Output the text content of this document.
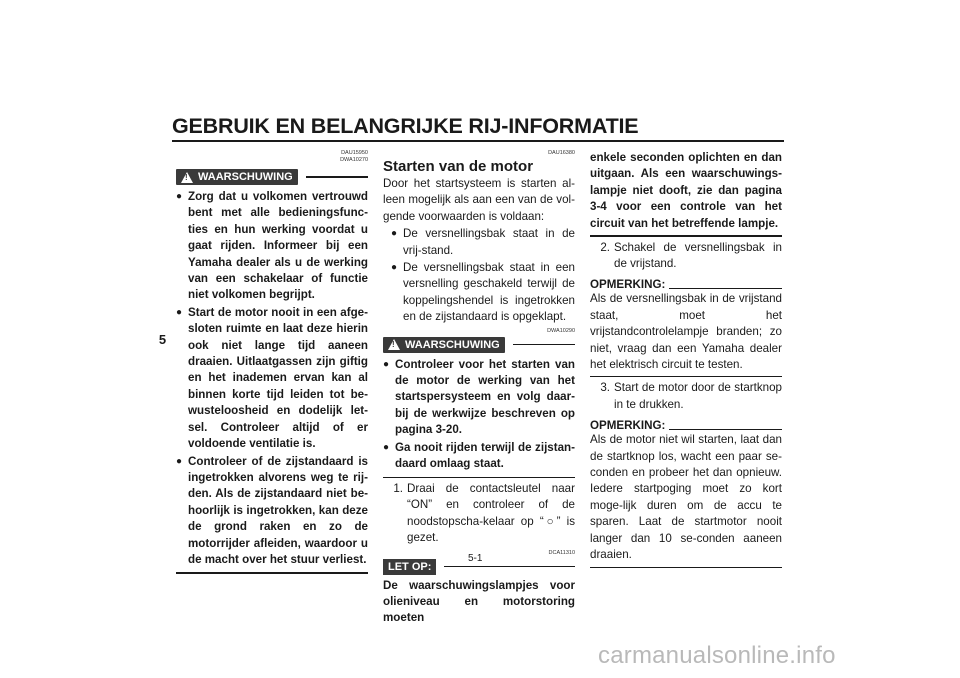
GEBRUIK EN BELANGRIJKE RIJ-INFORMATIE
5
DAU15950
DWA10270
! WAARSCHUWING
● Zorg dat u volkomen vertrouwd bent met alle bedieningsfunc-ties en hun werking voordat u gaat rijden. Informeer bij een Yamaha dealer als u de werking van een schakelaar of functie niet volkomen begrijpt.
● Start de motor nooit in een afge-sloten ruimte en laat deze hierin ook niet lange tijd aaneen draaien. Uitlaatgassen zijn giftig en het inademen ervan kan al binnen korte tijd leiden tot be-wusteloosheid en dodelijk let-sel. Controleer altijd of er voldoende ventilatie is.
● Controleer of de zijstandaard is ingetrokken alvorens weg te rij-den. Als de zijstandaard niet be-hoorlijk is ingetrokken, kan deze de grond raken en zo de motorrijder afleiden, waardoor u de macht over het stuur verliest.
DAU16380
Starten van de motor
Door het startsysteem is starten al-leen mogelijk als aan een van de vol-gende voorwaarden is voldaan:
● De versnellingsbak staat in de vrij-stand.
● De versnellingsbak staat in een versnelling geschakeld terwijl de koppelingshendel is ingetrokken en de zijstandaard is opgeklapt.
DWA10290
! WAARSCHUWING
● Controleer voor het starten van de motor de werking van het startspersysteem en volg daar-bij de werkwijze beschreven op pagina 3-20.
● Ga nooit rijden terwijl de zijstan-daard omlaag staat.
1. Draai de contactsleutel naar “ON” en controleer of de noodstopscha-kelaar op “○” is gezet.
DCA11310
LET OP:
De waarschuwingslampjes voor olieniveau en motorstoring moeten
enkele seconden oplichten en dan uitgaan. Als een waarschuwings-lampje niet dooft, zie dan pagina 3-4 voor een controle van het circuit van het betreffende lampje.
2. Schakel de versnellingsbak in de vrijstand.
OPMERKING:
Als de versnellingsbak in de vrijstand staat, moet het vrijstandcontrolelampje branden; zo niet, vraag dan een Yamaha dealer het elektrisch circuit te testen.
3. Start de motor door de startknop in te drukken.
OPMERKING:
Als de motor niet wil starten, laat dan de startknop los, wacht een paar se-conden en probeer het dan opnieuw. Iedere startpoging moet zo kort moge-lijk duren om de accu te sparen. Laat de startmotor nooit langer dan 10 se-conden aaneen draaien.
5-1
carmanualsonline.info
